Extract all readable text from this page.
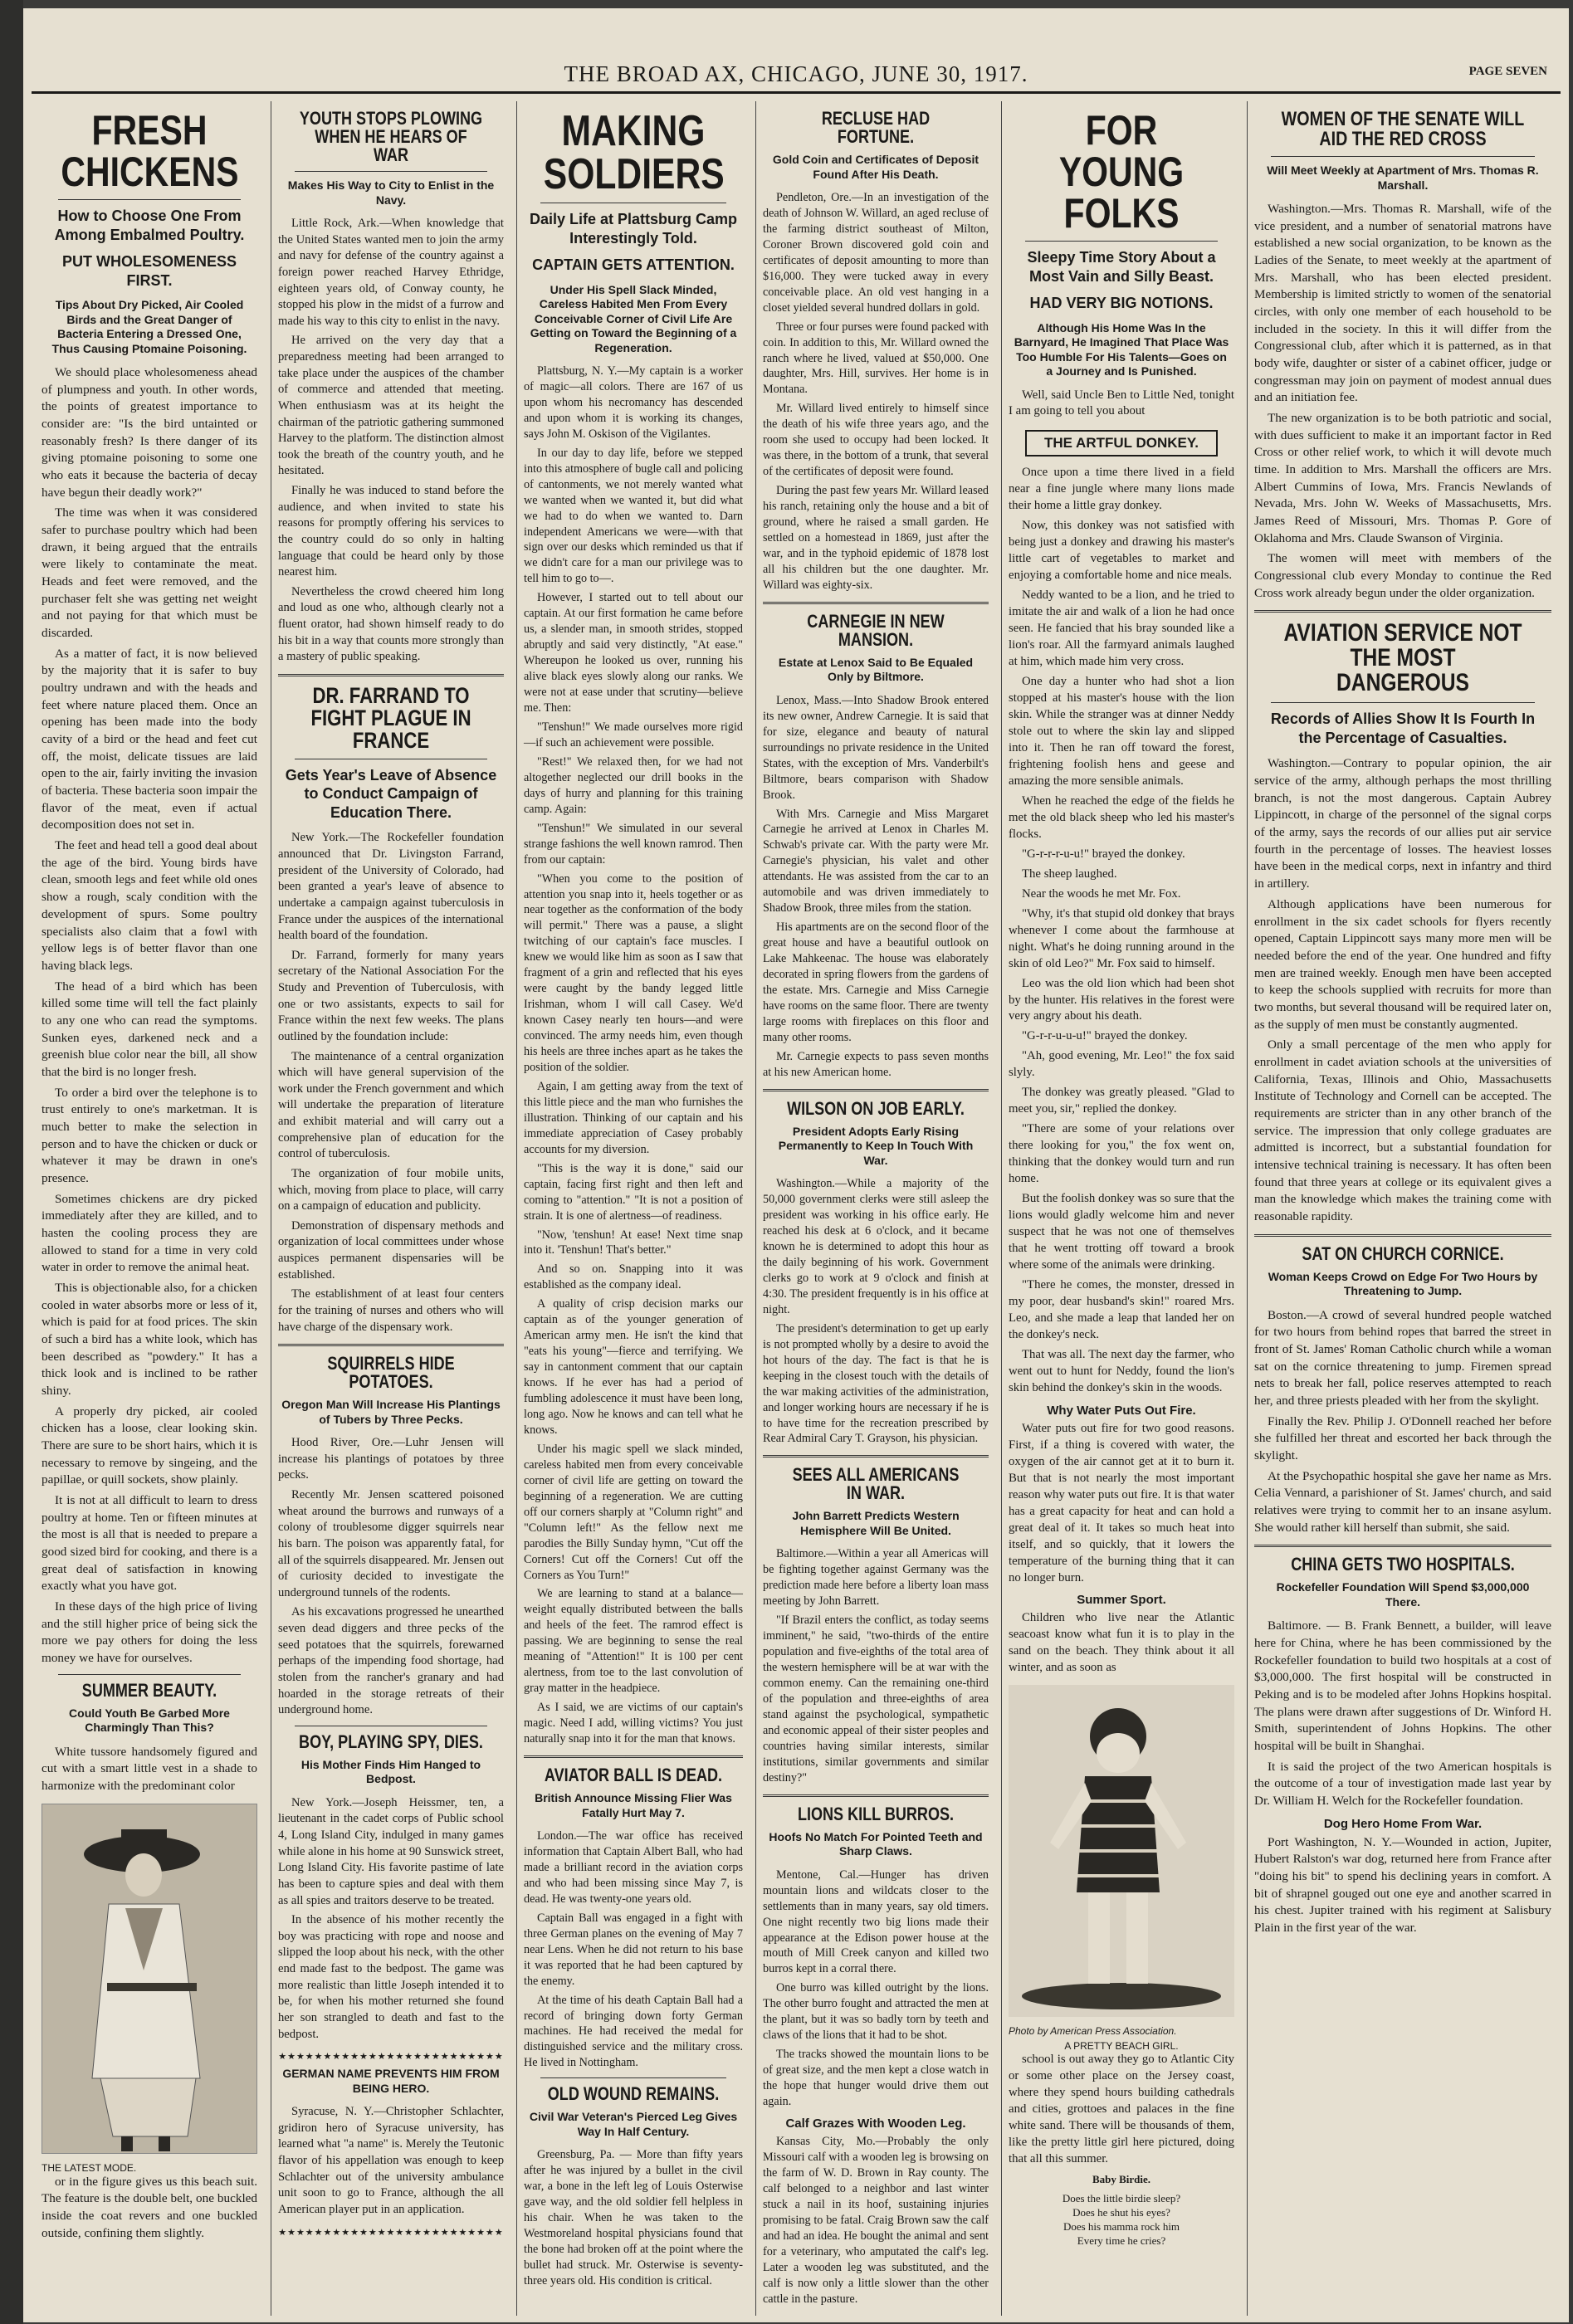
THE BROAD AX, CHICAGO, JUNE 30, 1917.	PAGE SEVEN
FRESH CHICKENS
How to Choose One From Among Embalmed Poultry.
PUT WHOLESOMENESS FIRST.
Tips About Dry Picked, Air Cooled Birds and the Great Danger of Bacteria Entering a Dressed One, Thus Causing Ptomaine Poisoning.

We should place wholesomeness ahead of plumpness and youth. In other words, the points of greatest importance to consider are: "Is the bird untainted or reasonably fresh? Is there danger of its giving ptomaine poisoning to some one who eats it because the bacteria of decay have begun their deadly work?"

The time was when it was considered safer to purchase poultry which had been drawn, it being argued that the entrails were likely to contaminate the meat. Heads and feet were removed, and the purchaser felt she was getting net weight and not paying for that which must be discarded.

As a matter of fact, it is now believed by the majority that it is safer to buy poultry undrawn and with the heads and feet where nature placed them. Once an opening has been made into the body cavity of a bird or the head and feet cut off, the moist, delicate tissues are laid open to the air, fairly inviting the invasion of bacteria. These bacteria soon impair the flavor of the meat, even if actual decomposition does not set in.

The feet and head tell a good deal about the age of the bird. Young birds have clean, smooth legs and feet while old ones show a rough, scaly condition with the development of spurs. Some poultry specialists also claim that a fowl with yellow legs is of better flavor than one having black legs.

The head of a bird which has been killed some time will tell the fact plainly to any one who can read the symptoms. Sunken eyes, darkened neck and a greenish blue color near the bill, all show that the bird is no longer fresh.

To order a bird over the telephone is to trust entirely to one's marketman. It is much better to make the selection in person and to have the chicken or duck or whatever it may be drawn in one's presence.

Sometimes chickens are dry picked immediately after they are killed, and to hasten the cooling process they are allowed to stand for a time in very cold water in order to remove the animal heat.

This is objectionable also, for a chicken cooled in water absorbs more or less of it, which is paid for at food prices. The skin of such a bird has a white look, which has been described as "powdery." It has a thick look and is inclined to be rather shiny.

A properly dry picked, air cooled chicken has a loose, clear looking skin. There are sure to be short hairs, which it is necessary to remove by singeing, and the papillae, or quill sockets, show plainly.

It is not at all difficult to learn to dress poultry at home. Ten or fifteen minutes at the most is all that is needed to prepare a good sized bird for cooking, and there is a great deal of satisfaction in knowing exactly what you have got.

In these days of the high price of living and the still higher price of being sick the more we pay others for doing the less money we have for ourselves.

SUMMER BEAUTY.
Could Youth Be Garbed More Charmingly Than This?

White tussore handsomely figured and cut with a smart little vest in a shade to harmonize with the predominant color

THE LATEST MODE.

or in the figure gives us this beach suit. The feature is the double belt, one buckled inside the coat revers and one buckled outside, confining them slightly.

YOUTH STOPS PLOWING WHEN HE HEARS OF WAR
Makes His Way to City to Enlist in the Navy.

Little Rock, Ark.—When knowledge that the United States wanted men to join the army and navy for defense of the country against a foreign power reached Harvey Ethridge, eighteen years old, of Conway county, he stopped his plow in the midst of a furrow and made his way to this city to enlist in the navy.

He arrived on the very day that a preparedness meeting had been arranged to take place under the auspices of the chamber of commerce and attended that meeting. When enthusiasm was at its height the chairman of the patriotic gathering summoned Harvey to the platform. The distinction almost took the breath of the country youth, and he hesitated.

Finally he was induced to stand before the audience, and when invited to state his reasons for promptly offering his services to the country could do so only in halting language that could be heard only by those nearest him.

Nevertheless the crowd cheered him long and loud as one who, although clearly not a fluent orator, had shown himself ready to do his bit in a way that counts more strongly than a mastery of public speaking.

DR. FARRAND TO FIGHT PLAGUE IN FRANCE
Gets Year's Leave of Absence to Conduct Campaign of Education There.

New York.—The Rockefeller foundation announced that Dr. Livingston Farrand, president of the University of Colorado, had been granted a year's leave of absence to undertake a campaign against tuberculosis in France under the auspices of the international health board of the foundation.

Dr. Farrand, formerly for many years secretary of the National Association For the Study and Prevention of Tuberculosis, with one or two assistants, expects to sail for France within the next few weeks. The plans outlined by the foundation include:

The maintenance of a central organization which will have general supervision of the work under the French government and which will undertake the preparation of literature and exhibit material and will carry out a comprehensive plan of education for the control of tuberculosis.

The organization of four mobile units, which, moving from place to place, will carry on a campaign of education and publicity.

Demonstration of dispensary methods and organization of local committees under whose auspices permanent dispensaries will be established.

The establishment of at least four centers for the training of nurses and others who will have charge of the dispensary work.

SQUIRRELS HIDE POTATOES.
Oregon Man Will Increase His Plantings of Tubers by Three Pecks.

Hood River, Ore.—Luhr Jensen will increase his plantings of potatoes by three pecks.

Recently Mr. Jensen scattered poisoned wheat around the burrows and runways of a colony of troublesome digger squirrels near his barn. The poison was apparently fatal, for all of the squirrels disappeared. Mr. Jensen out of curiosity decided to investigate the underground tunnels of the rodents.

As his excavations progressed he unearthed seven dead diggers and three pecks of the seed potatoes that the squirrels, forewarned perhaps of the impending food shortage, had stolen from the rancher's granary and had hoarded in the storage retreats of their underground home.

BOY, PLAYING SPY, DIES.
His Mother Finds Him Hanged to Bedpost.

New York.—Joseph Heissmer, ten, a lieutenant in the cadet corps of Public school 4, Long Island City, indulged in many games while alone in his home at 90 Sunswick street, Long Island City. His favorite pastime of late has been to capture spies and deal with them as all spies and traitors deserve to be treated.

In the absence of his mother recently the boy was practicing with rope and noose and slipped the loop about his neck, with the other end made fast to the bedpost. The game was more realistic than little Joseph intended it to be, for when his mother returned she found her son strangled to death and fast to the bedpost.

★★★★★★★★★★★★★★★★★★★★★★★★★
GERMAN NAME PREVENTS HIM FROM BEING HERO.

Syracuse, N. Y.—Christopher Schlachter, gridiron hero of Syracuse university, has learned what "a name" is. Merely the Teutonic flavor of his appellation was enough to keep Schlachter out of the university ambulance unit soon to go to France, although the all American player put in an application.

★★★★★★★★★★★★★★★★★★★★★★★★★
MAKING SOLDIERS
Daily Life at Plattsburg Camp Interestingly Told.
CAPTAIN GETS ATTENTION.
Under His Spell Slack Minded, Careless Habited Men From Every Conceivable Corner of Civil Life Are Getting on Toward the Beginning of a Regeneration.

Plattsburg, N. Y.—My captain is a worker of magic—all colors. There are 167 of us upon whom his necromancy has descended and upon whom it is working its changes, says John M. Oskison of the Vigilantes.

In our day to day life, before we stepped into this atmosphere of bugle call and policing of cantonments, we not merely wanted what we wanted when we wanted it, but did what we had to do when we wanted to. Darn independent Americans we were—with that sign over our desks which reminded us that if we didn't care for a man our privilege was to tell him to go to—.

However, I started out to tell about our captain. At our first formation he came before us, a slender man, in smooth strides, stopped abruptly and said very distinctly, "At ease." Whereupon he looked us over, running his alive black eyes slowly along our ranks. We were not at ease under that scrutiny—believe me. Then:

"Tenshun!" We made ourselves more rigid—if such an achievement were possible.

"Rest!" We relaxed then, for we had not altogether neglected our drill books in the days of hurry and planning for this training camp. Again:

"Tenshun!" We simulated in our several strange fashions the well known ramrod. Then from our captain:

"When you come to the position of attention you snap into it, heels together or as near together as the conformation of the body will permit." There was a pause, a slight twitching of our captain's face muscles. I knew we would like him as soon as I saw that fragment of a grin and reflected that his eyes were caught by the bandy legged little Irishman, whom I will call Casey. We'd known Casey nearly ten hours—and were convinced. The army needs him, even though his heels are three inches apart as he takes the position of the soldier.

Again, I am getting away from the text of this little piece and the man who furnishes the illustration. Thinking of our captain and his immediate appreciation of Casey probably accounts for my diversion.

"This is the way it is done," said our captain, facing first right and then left and coming to "attention." "It is not a position of strain. It is one of alertness—of readiness.

"Now, 'tenshun! At ease! Next time snap into it. 'Tenshun! That's better."

And so on. Snapping into it was established as the company ideal.

A quality of crisp decision marks our captain as of the younger generation of American army men. He isn't the kind that "eats his young"—fierce and terrifying. We say in cantonment comment that our captain knows. If he ever has had a period of fumbling adolescence it must have been long, long ago. Now he knows and can tell what he knows.

Under his magic spell we slack minded, careless habited men from every conceivable corner of civil life are getting on toward the beginning of a regeneration. We are cutting off our corners sharply at "Column right" and "Column left!" As the fellow next me parodies the Billy Sunday hymn, "Cut off the Corners! Cut off the Corners! Cut off the Corners as You Turn!"

We are learning to stand at a balance—weight equally distributed between the balls and heels of the feet. The ramrod effect is passing. We are beginning to sense the real meaning of "Attention!" It is 100 per cent alertness, from toe to the last convolution of gray matter in the headpiece.

As I said, we are victims of our captain's magic. Need I add, willing victims? You just naturally snap into it for the man that knows.

AVIATOR BALL IS DEAD.
British Announce Missing Flier Was Fatally Hurt May 7.

London.—The war office has received information that Captain Albert Ball, who had made a brilliant record in the aviation corps and who had been missing since May 7, is dead. He was twenty-one years old.

Captain Ball was engaged in a fight with three German planes on the evening of May 7 near Lens. When he did not return to his base it was reported that he had been captured by the enemy.

At the time of his death Captain Ball had a record of bringing down forty German machines. He had received the medal for distinguished service and the military cross. He lived in Nottingham.

OLD WOUND REMAINS.
Civil War Veteran's Pierced Leg Gives Way In Half Century.

Greensburg, Pa. — More than fifty years after he was injured by a bullet in the civil war, a bone in the left leg of Louis Osterwise gave way, and the old soldier fell helpless in his chair. When he was taken to the Westmoreland hospital physicians found that the bone had broken off at the point where the bullet had struck. Mr. Osterwise is seventy-three years old. His condition is critical.

RECLUSE HAD FORTUNE.
Gold Coin and Certificates of Deposit Found After His Death.

Pendleton, Ore.—In an investigation of the death of Johnson W. Willard, an aged recluse of the farming district southeast of Milton, Coroner Brown discovered gold coin and certificates of deposit amounting to more than $16,000. They were tucked away in every conceivable place. An old vest hanging in a closet yielded several hundred dollars in gold.

Three or four purses were found packed with coin. In addition to this, Mr. Willard owned the ranch where he lived, valued at $50,000. One daughter, Mrs. Hill, survives. Her home is in Montana.

Mr. Willard lived entirely to himself since the death of his wife three years ago, and the room she used to occupy had been locked. It was there, in the bottom of a trunk, that several of the certificates of deposit were found.

During the past few years Mr. Willard leased his ranch, retaining only the house and a bit of ground, where he raised a small garden. He settled on a homestead in 1869, just after the war, and in the typhoid epidemic of 1878 lost all his children but the one daughter. Mr. Willard was eighty-six.

CARNEGIE IN NEW MANSION.
Estate at Lenox Said to Be Equaled Only by Biltmore.

Lenox, Mass.—Into Shadow Brook entered its new owner, Andrew Carnegie. It is said that for size, elegance and beauty of natural surroundings no private residence in the United States, with the exception of Mrs. Vanderbilt's Biltmore, bears comparison with Shadow Brook.

With Mrs. Carnegie and Miss Margaret Carnegie he arrived at Lenox in Charles M. Schwab's private car. With the party were Mr. Carnegie's physician, his valet and other attendants. He was assisted from the car to an automobile and was driven immediately to Shadow Brook, three miles from the station.

His apartments are on the second floor of the great house and have a beautiful outlook on Lake Mahkeenac. The house was elaborately decorated in spring flowers from the gardens of the estate. Mrs. Carnegie and Miss Carnegie have rooms on the same floor. There are twenty large rooms with fireplaces on this floor and many other rooms.

Mr. Carnegie expects to pass seven months at his new American home.

WILSON ON JOB EARLY.
President Adopts Early Rising Permanently to Keep In Touch With War.

Washington.—While a majority of the 50,000 government clerks were still asleep the president was working in his office early. He reached his desk at 6 o'clock, and it became known he is determined to adopt this hour as the daily beginning of his work. Government clerks go to work at 9 o'clock and finish at 4:30. The president frequently is in his office at night.

The president's determination to get up early is not prompted wholly by a desire to avoid the hot hours of the day. The fact is that he is keeping in the closest touch with the details of the war making activities of the administration, and longer working hours are necessary if he is to have time for the recreation prescribed by Rear Admiral Cary T. Grayson, his physician.

SEES ALL AMERICANS IN WAR.
John Barrett Predicts Western Hemisphere Will Be United.

Baltimore.—Within a year all Americas will be fighting together against Germany was the prediction made here before a liberty loan mass meeting by John Barrett.

"If Brazil enters the conflict, as today seems imminent," he said, "two-thirds of the entire population and five-eighths of the total area of the western hemisphere will be at war with the common enemy. Can the remaining one-third of the population and three-eighths of area stand against the psychological, sympathetic and economic appeal of their sister peoples and countries having similar interests, similar institutions, similar governments and similar destiny?"

LIONS KILL BURROS.
Hoofs No Match For Pointed Teeth and Sharp Claws.

Mentone, Cal.—Hunger has driven mountain lions and wildcats closer to the settlements than in many years, say old timers. One night recently two big lions made their appearance at the Edison power house at the mouth of Mill Creek canyon and killed two burros kept in a corral there.

One burro was killed outright by the lions. The other burro fought and attracted the men at the plant, but it was so badly torn by teeth and claws of the lions that it had to be shot.

The tracks showed the mountain lions to be of great size, and the men kept a close watch in the hope that hunger would drive them out again.

Calf Grazes With Wooden Leg.

Kansas City, Mo.—Probably the only Missouri calf with a wooden leg is browsing on the farm of W. D. Brown in Ray county. The calf belonged to a neighbor and last winter stuck a nail in its hoof, sustaining injuries promising to be fatal. Craig Brown saw the calf and had an idea. He bought the animal and sent for a veterinary, who amputated the calf's leg. Later a wooden leg was substituted, and the calf is now only a little slower than the other cattle in the pasture.

FOR YOUNG FOLKS
Sleepy Time Story About a Most Vain and Silly Beast.
HAD VERY BIG NOTIONS.
Although His Home Was In the Barnyard, He Imagined That Place Was Too Humble For His Talents—Goes on a Journey and Is Punished.

Well, said Uncle Ben to Little Ned, tonight I am going to tell you about

THE ARTFUL DONKEY.

Once upon a time there lived in a field near a fine jungle where many lions made their home a little gray donkey.

Now, this donkey was not satisfied with being just a donkey and drawing his master's little cart of vegetables to market and enjoying a comfortable home and nice meals.

Neddy wanted to be a lion, and he tried to imitate the air and walk of a lion he had once seen. He fancied that his bray sounded like a lion's roar. All the farmyard animals laughed at him, which made him very cross.

One day a hunter who had shot a lion stopped at his master's house with the lion skin. While the stranger was at dinner Neddy stole out to where the skin lay and slipped into it. Then he ran off toward the forest, frightening foolish hens and geese and amazing the more sensible animals.

When he reached the edge of the fields he met the old black sheep who led his master's flocks.

"G-r-r-r-u-u!" brayed the donkey.

The sheep laughed.

Near the woods he met Mr. Fox.

"Why, it's that stupid old donkey that brays whenever I come about the farmhouse at night. What's he doing running around in the skin of old Leo?" Mr. Fox said to himself.

Leo was the old lion which had been shot by the hunter. His relatives in the forest were very angry about his death.

"G-r-r-u-u-u!" brayed the donkey.

"Ah, good evening, Mr. Leo!" the fox said slyly.

The donkey was greatly pleased. "Glad to meet you, sir," replied the donkey.

"There are some of your relations over there looking for you," the fox went on, thinking that the donkey would turn and run home.

But the foolish donkey was so sure that the lions would gladly welcome him and never suspect that he was not one of themselves that he went trotting off toward a brook where some of the animals were drinking.

"There he comes, the monster, dressed in my poor, dear husband's skin!" roared Mrs. Leo, and she made a leap that landed her on the donkey's neck.

That was all. The next day the farmer, who went out to hunt for Neddy, found the lion's skin behind the donkey's skin in the woods.

Why Water Puts Out Fire.

Water puts out fire for two good reasons. First, if a thing is covered with water, the oxygen of the air cannot get at it to burn it. But that is not nearly the most important reason why water puts out fire. It is that water has a great capacity for heat and can hold a great deal of it. It takes so much heat into itself, and so quickly, that it lowers the temperature of the burning thing that it can no longer burn.

Summer Sport.

Children who live near the Atlantic seacoast know what fun it is to play in the sand on the beach. They think about it all winter, and as soon as

Photo by American Press Association.
A PRETTY BEACH GIRL.

school is out away they go to Atlantic City or some other place on the Jersey coast, where they spend hours building cathedrals and cities, grottoes and palaces in the fine white sand. There will be thousands of them, like the pretty little girl here pictured, doing that all this summer.

Baby Birdie.
Does the little birdie sleep?
Does he shut his eyes?
Does his mamma rock him
Every time he cries?
WOMEN OF THE SENATE WILL AID THE RED CROSS
Will Meet Weekly at Apartment of Mrs. Thomas R. Marshall.

Washington.—Mrs. Thomas R. Marshall, wife of the vice president, and a number of senatorial matrons have established a new social organization, to be known as the Ladies of the Senate, to meet weekly at the apartment of Mrs. Marshall, who has been elected president. Membership is limited strictly to women of the senatorial circles, with only one member of each household to be included in the society. In this it will differ from the Congressional club, after which it is patterned, as in that body wife, daughter or sister of a cabinet officer, judge or congressman may join on payment of modest annual dues and an initiation fee.

The new organization is to be both patriotic and social, with dues sufficient to make it an important factor in Red Cross or other relief work, to which it will devote much time. In addition to Mrs. Marshall the officers are Mrs. Albert Cummins of Iowa, Mrs. Francis Newlands of Nevada, Mrs. John W. Weeks of Massachusetts, Mrs. James Reed of Missouri, Mrs. Thomas P. Gore of Oklahoma and Mrs. Claude Swanson of Virginia.

The women will meet with members of the Congressional club every Monday to continue the Red Cross work already begun under the older organization.

AVIATION SERVICE NOT THE MOST DANGEROUS
Records of Allies Show It Is Fourth In the Percentage of Casualties.

Washington.—Contrary to popular opinion, the air service of the army, although perhaps the most thrilling branch, is not the most dangerous. Captain Aubrey Lippincott, in charge of the personnel of the signal corps of the army, says the records of our allies put air service fourth in the percentage of losses. The heaviest losses have been in the medical corps, next in infantry and third in artillery.

Although applications have been numerous for enrollment in the six cadet schools for flyers recently opened, Captain Lippincott says many more men will be needed before the end of the year. One hundred and fifty men are trained weekly. Enough men have been accepted to keep the schools supplied with recruits for more than two months, but several thousand will be required later on, as the supply of men must be constantly augmented.

Only a small percentage of the men who apply for enrollment in cadet aviation schools at the universities of California, Texas, Illinois and Ohio, Massachusetts Institute of Technology and Cornell can be accepted. The requirements are stricter than in any other branch of the service. The impression that only college graduates are admitted is incorrect, but a substantial foundation for intensive technical training is necessary. It has often been found that three years at college or its equivalent gives a man the knowledge which makes the training come with reasonable rapidity.

SAT ON CHURCH CORNICE.
Woman Keeps Crowd on Edge For Two Hours by Threatening to Jump.

Boston.—A crowd of several hundred people watched for two hours from behind ropes that barred the street in front of St. James' Roman Catholic church while a woman sat on the cornice threatening to jump. Firemen spread nets to break her fall, police reserves attempted to reach her, and three priests pleaded with her from the skylight.

Finally the Rev. Philip J. O'Donnell reached her before she fulfilled her threat and escorted her back through the skylight.

At the Psychopathic hospital she gave her name as Mrs. Celia Vennard, a parishioner of St. James' church, and said relatives were trying to commit her to an insane asylum. She would rather kill herself than submit, she said.

CHINA GETS TWO HOSPITALS.
Rockefeller Foundation Will Spend $3,000,000 There.

Baltimore. — B. Frank Bennett, a builder, will leave here for China, where he has been commissioned by the Rockefeller foundation to build two hospitals at a cost of $3,000,000. The first hospital will be constructed in Peking and is to be modeled after Johns Hopkins hospital. The plans were drawn after suggestions of Dr. Winford H. Smith, superintendent of Johns Hopkins. The other hospital will be built in Shanghai.

It is said the project of the two American hospitals is the outcome of a tour of investigation made last year by Dr. William H. Welch for the Rockefeller foundation.

Dog Hero Home From War.

Port Washington, N. Y.—Wounded in action, Jupiter, Hubert Ralston's war dog, returned here from France after "doing his bit" to spend his declining years in comfort. A bit of shrapnel gouged out one eye and another scarred in his chest. Jupiter trained with his regiment at Salisbury Plain in the first year of the war.
